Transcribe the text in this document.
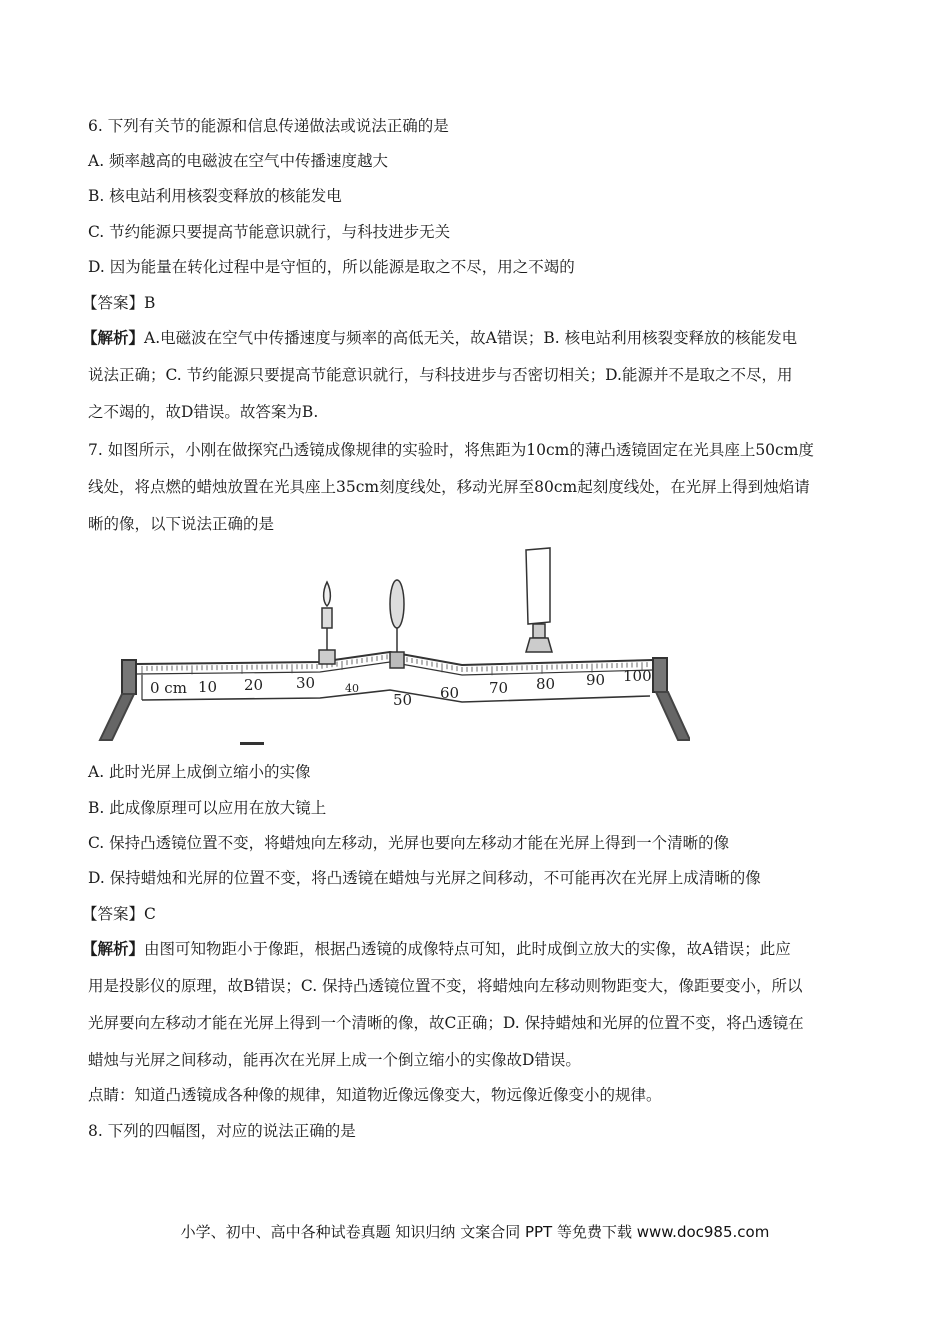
6. 下列有关节的能源和信息传递做法或说法正确的是
A. 频率越高的电磁波在空气中传播速度越大
B. 核电站利用核裂变释放的核能发电
C. 节约能源只要提高节能意识就行，与科技进步无关
D. 因为能量在转化过程中是守恒的，所以能源是取之不尽，用之不竭的
【答案】B
【解析】A.电磁波在空气中传播速度与频率的高低无关，故A错误；B. 核电站利用核裂变释放的核能发电
说法正确；C. 节约能源只要提高节能意识就行，与科技进步与否密切相关；D.能源并不是取之不尽，用
之不竭的，故D错误。故答案为B.
7. 如图所示，小刚在做探究凸透镜成像规律的实验时，将焦距为10cm的薄凸透镜固定在光具座上50cm度
线处，将点燃的蜡烛放置在光具座上35cm刻度线处，移动光屏至80cm起刻度线处，在光屏上得到烛焰请
晰的像，以下说法正确的是
0 cm 10 20 30	40
50 60 70 80 90 100
A. 此时光屏上成倒立缩小的实像
B. 此成像原理可以应用在放大镜上
C. 保持凸透镜位置不变，将蜡烛向左移动，光屏也要向左移动才能在光屏上得到一个清晰的像
D. 保持蜡烛和光屏的位置不变，将凸透镜在蜡烛与光屏之间移动，不可能再次在光屏上成清晰的像
【答案】C
【解析】由图可知物距小于像距，根据凸透镜的成像特点可知，此时成倒立放大的实像，故A错误；此应
用是投影仪的原理，故B错误；C. 保持凸透镜位置不变，将蜡烛向左移动则物距变大，像距要变小，所以
光屏要向左移动才能在光屏上得到一个清晰的像，故C正确；D. 保持蜡烛和光屏的位置不变，将凸透镜在
蜡烛与光屏之间移动，能再次在光屏上成一个倒立缩小的实像故D错误。
点睛：知道凸透镜成各种像的规律，知道物近像远像变大，物远像近像变小的规律。
8. 下列的四幅图，对应的说法正确的是
小学、初中、高中各种试卷真题 知识归纳 文案合同 PPT 等免费下载 www.doc985.com
